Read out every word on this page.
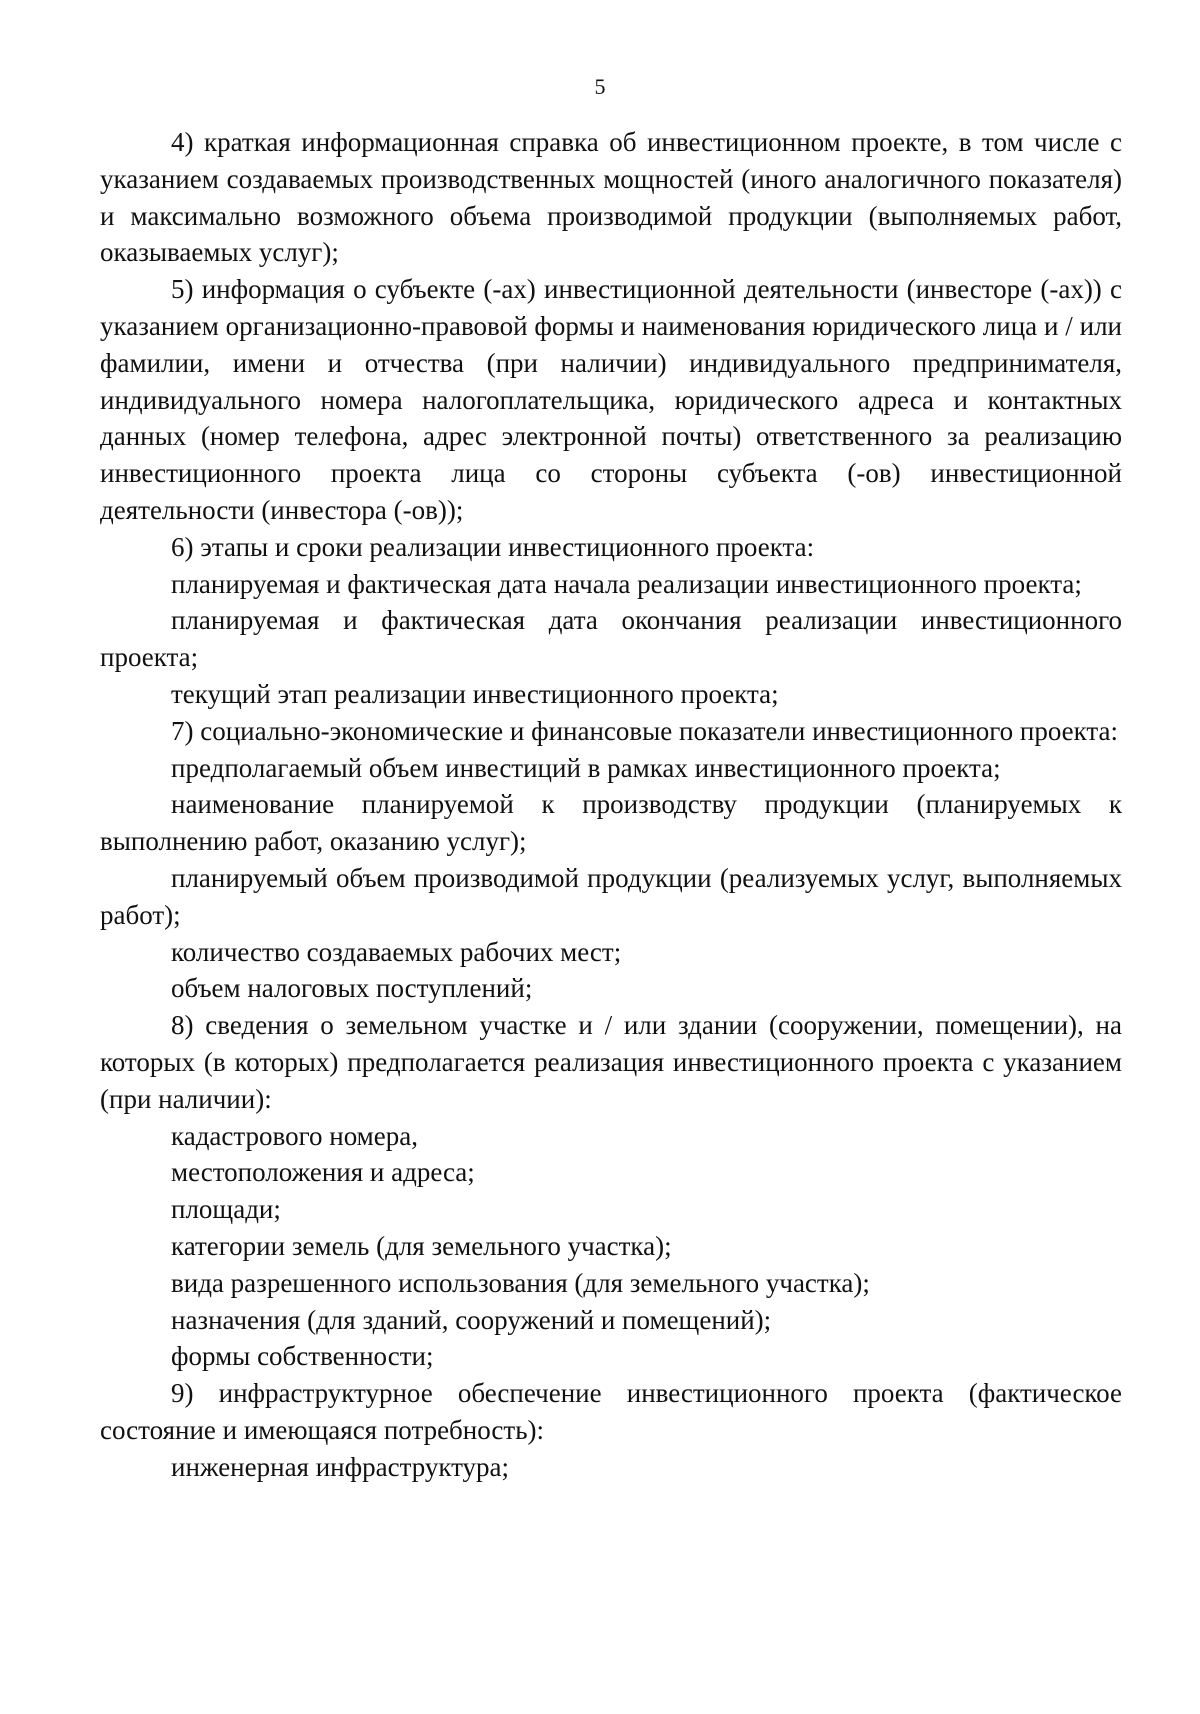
5

4) краткая информационная справка об инвестиционном проекте, в том числе с указанием создаваемых производственных мощностей (иного аналогичного показателя) и максимально возможного объема производимой продукции (выполняемых работ, оказываемых услуг);

5) информация о субъекте (-ах) инвестиционной деятельности (инвесторе (-ах)) с указанием организационно-правовой формы и наименования юридического лица и / или фамилии, имени и отчества (при наличии) индивидуального предпринимателя, индивидуального номера налогоплательщика, юридического адреса и контактных данных (номер телефона, адрес электронной почты) ответственного за реализацию инвестиционного проекта лица со стороны субъекта (-ов) инвестиционной деятельности (инвестора (-ов));

6) этапы и сроки реализации инвестиционного проекта:

планируемая и фактическая дата начала реализации инвестиционного проекта;

планируемая и фактическая дата окончания реализации инвестиционного проекта;

текущий этап реализации инвестиционного проекта;

7) социально-экономические и финансовые показатели инвестиционного проекта:

предполагаемый объем инвестиций в рамках инвестиционного проекта;

наименование планируемой к производству продукции (планируемых к выполнению работ, оказанию услуг);

планируемый объем производимой продукции (реализуемых услуг, выполняемых работ);

количество создаваемых рабочих мест;

объем налоговых поступлений;

8) сведения о земельном участке и / или здании (сооружении, помещении), на которых (в которых) предполагается реализация инвестиционного проекта с указанием (при наличии):

кадастрового номера,

местоположения и адреса;

площади;

категории земель (для земельного участка);

вида разрешенного использования (для земельного участка);

назначения (для зданий, сооружений и помещений);

формы собственности;

9) инфраструктурное обеспечение инвестиционного проекта (фактическое состояние и имеющаяся потребность):

инженерная инфраструктура;
